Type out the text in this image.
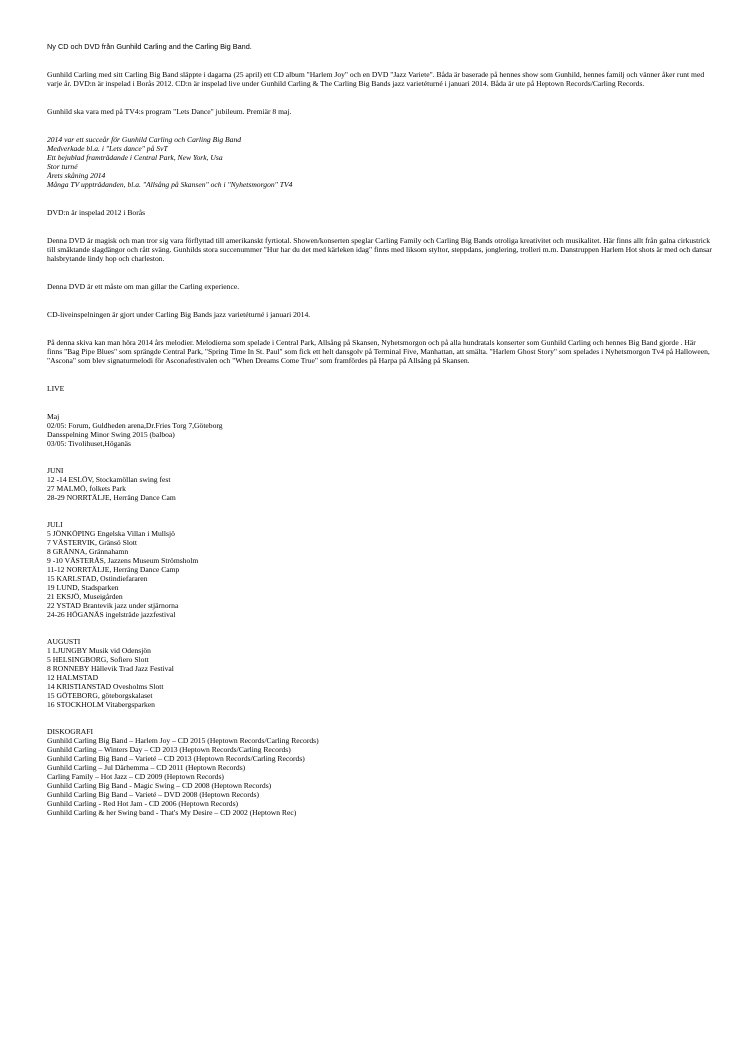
Ny CD och DVD från Gunhild Carling and the Carling Big Band.

Gunhild Carling med sitt Carling Big Band släppte i dagarna (25 april) ett CD album "Harlem Joy" och en DVD "Jazz Variete". Båda är baserade på hennes show som Gunhild, hennes familj och vänner åker runt med varje år. DVD:n är inspelad i Borås 2012. CD:n är inspelad live under Gunhild Carling & The Carling Big Bands jazz varietéturné i januari 2014. Båda är ute på Heptown Records/Carling Records.

Gunhild ska vara med på TV4:s program "Lets Dance" jubileum. Premiär 8 maj.

2014 var ett succeår för Gunhild Carling och Carling Big Band

Medverkade bl.a. i "Lets dance" på SvT

Ett bejublad framträdande i Central Park, New York, Usa

Stor turné

Årets skåning 2014

Många TV uppträdanden, bl.a. "Allsång på Skansen" och i "Nyhetsmorgon" TV4

DVD:n är inspelad 2012 i Borås

Denna DVD är magisk och man tror sig vara förflyttad till amerikanskt fyrtiotal. Showen/konserten speglar Carling Family och Carling Big Bands otroliga kreativitet och musikalitet. Här finns allt från galna cirkustrick till smäktande slagdängor och rått sväng. Gunhilds stora succenummer "Hur har du det med kärleken idag" finns med liksom styltor, steppdans, jonglering, trolleri m.m. Danstruppen Harlem Hot shots är med och dansar halsbrytande lindy hop och charleston.

Denna DVD är ett måste om man gillar the Carling experience.

CD-liveinspelningen är gjort under Carling Big Bands jazz varietéturné i januari 2014.

På denna skiva kan man höra 2014 års melodier. Melodierna som spelade i Central Park, Allsång på Skansen, Nyhetsmorgon och på alla hundratals konserter som Gunhild Carling och hennes Big Band gjorde . Här finns "Bag Pipe Blues" som sprängde Central Park, "Spring Time In St. Paul" som fick ett helt dansgolv på Terminal Five, Manhattan, att smälta. "Harlem Ghost Story" som spelades i Nyhetsmorgon Tv4 på Halloween, "Ascona" som blev signaturmelodi för Asconafestivalen och "When Dreams Come True" som framfördes på Harpa på Allsång på Skansen.

LIVE

Maj

02/05: Forum, Guldheden arena,Dr.Fries Torg 7,Göteborg

Dansspelning Minor Swing 2015 (balboa)

03/05: Tivolihuset,Höganäs

JUNI

12 -14 ESLÖV, Stockamöllan swing fest

27 MALMÖ, folkets Park

28-29 NORRTÄLJE, Herräng Dance Cam

JULI

5 JÖNKÖPING Engelska Villan i Mullsjö

7 VÄSTERVIK, Gränsö Slott

8 GRÄNNA, Grännahamn

9 -10 VÄSTERÅS, Jazzens Museum Strömsholm

11-12 NORRTÄLJE, Herräng Dance Camp

15 KARLSTAD, Ostindiefararen

19 LUND, Stadsparken

21 EKSJÖ, Museigården

22 YSTAD Brantevik jazz under stjärnorna

24-26 HÖGANÄS ingelsträde jazzfestival

AUGUSTI

1 LJUNGBY Musik vid Odensjön

5 HELSINGBORG, Sofiero Slott

8 RONNEBY Hällevik Trad Jazz Festival

12 HALMSTAD

14 KRISTIANSTAD Ovesholms Slott

15 GÖTEBORG, göteborgskalaset

16 STOCKHOLM Vitabergsparken

DISKOGRAFI

Gunhild Carling Big Band – Harlem Joy – CD 2015 (Heptown Records/Carling Records)

Gunhild Carling – Winters Day – CD 2013 (Heptown Records/Carling Records)

Gunhild Carling Big Band – Varieté – CD 2013 (Heptown Records/Carling Records)

Gunhild Carling – Jul Därhemma – CD 2011 (Heptown Records)

Carling Family – Hot Jazz – CD 2009 (Heptown Records)

Gunhild Carling Big Band - Magic Swing – CD 2008 (Heptown Records)

Gunhild Carling Big Band – Varieté – DVD 2008 (Heptown Records)

Gunhild Carling - Red Hot Jam - CD 2006 (Heptown Records)

Gunhild Carling & her Swing band - That's My Desire – CD 2002 (Heptown Rec)
